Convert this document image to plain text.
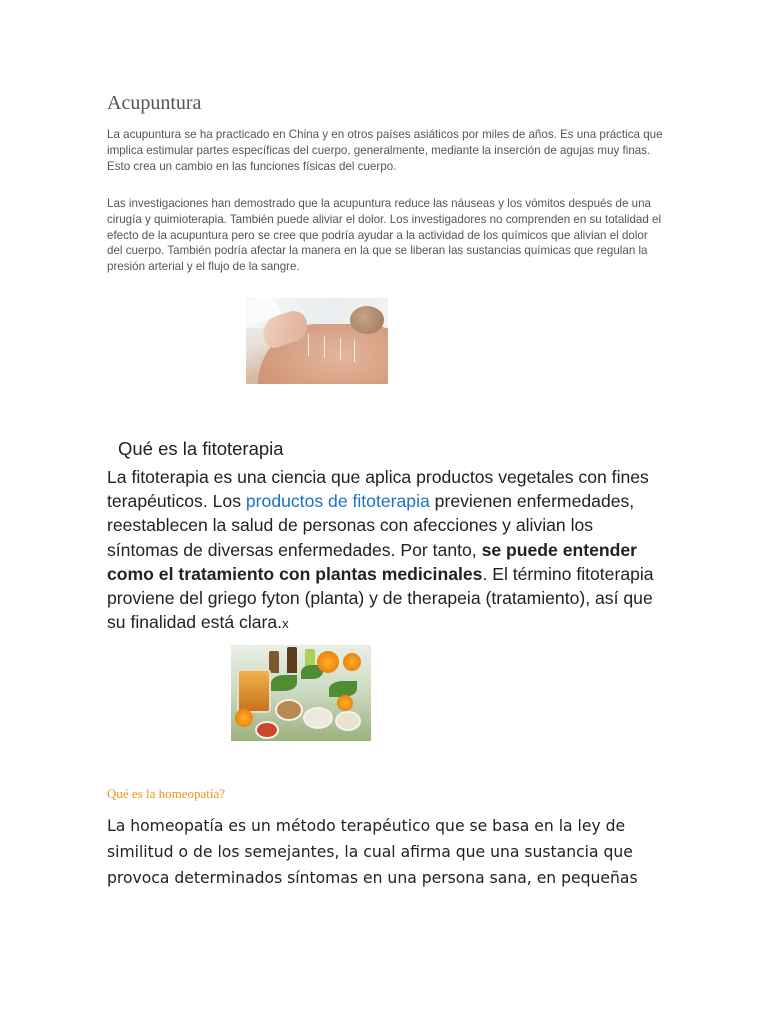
Acupuntura

La acupuntura se ha practicado en China y en otros países asiáticos por miles de años. Es una práctica que implica estimular partes específicas del cuerpo, generalmente, mediante la inserción de agujas muy finas. Esto crea un cambio en las funciones físicas del cuerpo.

Las investigaciones han demostrado que la acupuntura reduce las náuseas y los vómitos después de una cirugía y quimioterapia. También puede aliviar el dolor. Los investigadores no comprenden en su totalidad el efecto de la acupuntura pero se cree que podría ayudar a la actividad de los químicos que alivian el dolor del cuerpo. También podría afectar la manera en la que se liberan las sustancias químicas que regulan la presión arterial y el flujo de la sangre.

Qué es la fitoterapia

La fitoterapia es una ciencia que aplica productos vegetales con fines terapéuticos. Los productos de fitoterapia previenen enfermedades, reestablecen la salud de personas con afecciones y alivian los síntomas de diversas enfermedades. Por tanto, se puede entender como el tratamiento con plantas medicinales. El término fitoterapia proviene del griego fyton (planta) y de therapeia (tratamiento), así que su finalidad está clara.x

Qué es la homeopatía?

La homeopatía es un método terapéutico que se basa en la ley de similitud o de los semejantes, la cual afirma que una sustancia que provoca determinados síntomas en una persona sana, en pequeñas
